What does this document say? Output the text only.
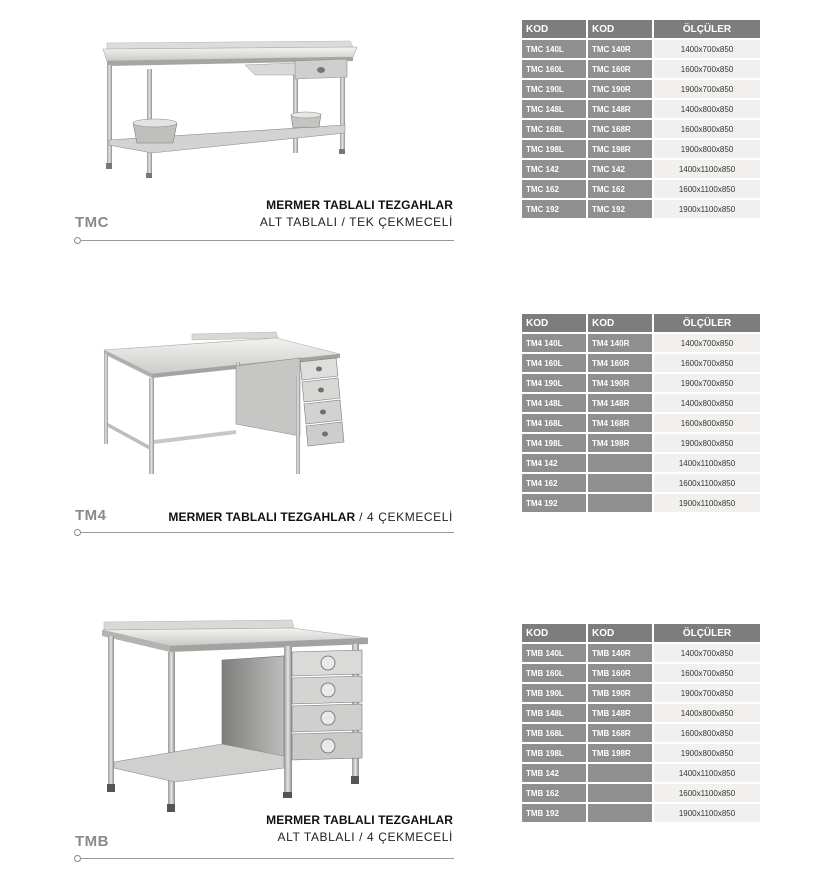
TMC
MERMER TABLALI TEZGAHLAR
ALT TABLALI / TEK ÇEKMECELİ
KOD	KOD	ÖLÇÜLER
TMC 140L	TMC 140R	1400x700x850
TMC 160L	TMC 160R	1600x700x850
TMC 190L	TMC 190R	1900x700x850
TMC 148L	TMC 148R	1400x800x850
TMC 168L	TMC 168R	1600x800x850
TMC 198L	TMC 198R	1900x800x850
TMC 142	TMC 142	1400x1100x850
TMC 162	TMC 162	1600x1100x850
TMC 192	TMC 192	1900x1100x850
TM4	MERMER TABLALI TEZGAHLAR / 4 ÇEKMECELİ
KOD	KOD	ÖLÇÜLER
TM4 140L	TM4 140R	1400x700x850
TM4 160L	TM4 160R	1600x700x850
TM4 190L	TM4 190R	1900x700x850
TM4 148L	TM4 148R	1400x800x850
TM4 168L	TM4 168R	1600x800x850
TM4 198L	TM4 198R	1900x800x850
TM4 142		1400x1100x850
TM4 162		1600x1100x850
TM4 192		1900x1100x850
TMB
MERMER TABLALI TEZGAHLAR
ALT TABLALI / 4 ÇEKMECELİ
KOD	KOD	ÖLÇÜLER
TMB 140L	TMB 140R	1400x700x850
TMB 160L	TMB 160R	1600x700x850
TMB 190L	TMB 190R	1900x700x850
TMB 148L	TMB 148R	1400x800x850
TMB 168L	TMB 168R	1600x800x850
TMB 198L	TMB 198R	1900x800x850
TMB 142		1400x1100x850
TMB 162		1600x1100x850
TMB 192		1900x1100x850
